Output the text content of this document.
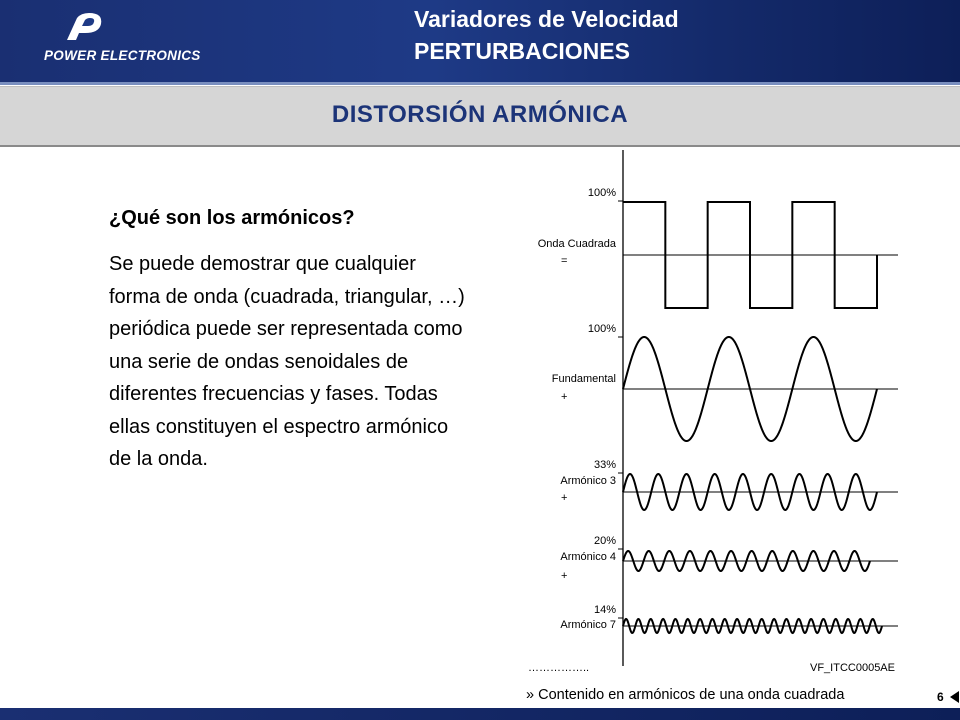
POWER ELECTRONICS
Variadores de Velocidad
PERTURBACIONES
DISTORSIÓN ARMÓNICA
¿Qué son los armónicos?
Se puede demostrar que cualquier forma de onda (cuadrada, triangular, …) periódica puede ser representada como una serie de ondas senoidales de diferentes frecuencias y fases. Todas ellas constituyen el espectro armónico de la onda.
100%
Onda Cuadrada
=
100%
Fundamental
+
33%
Armónico 3
+
20%
Armónico 4
+
14%
Armónico 7
……………..	VF_ITCC0005AE
» Contenido en armónicos de una onda cuadrada	6
